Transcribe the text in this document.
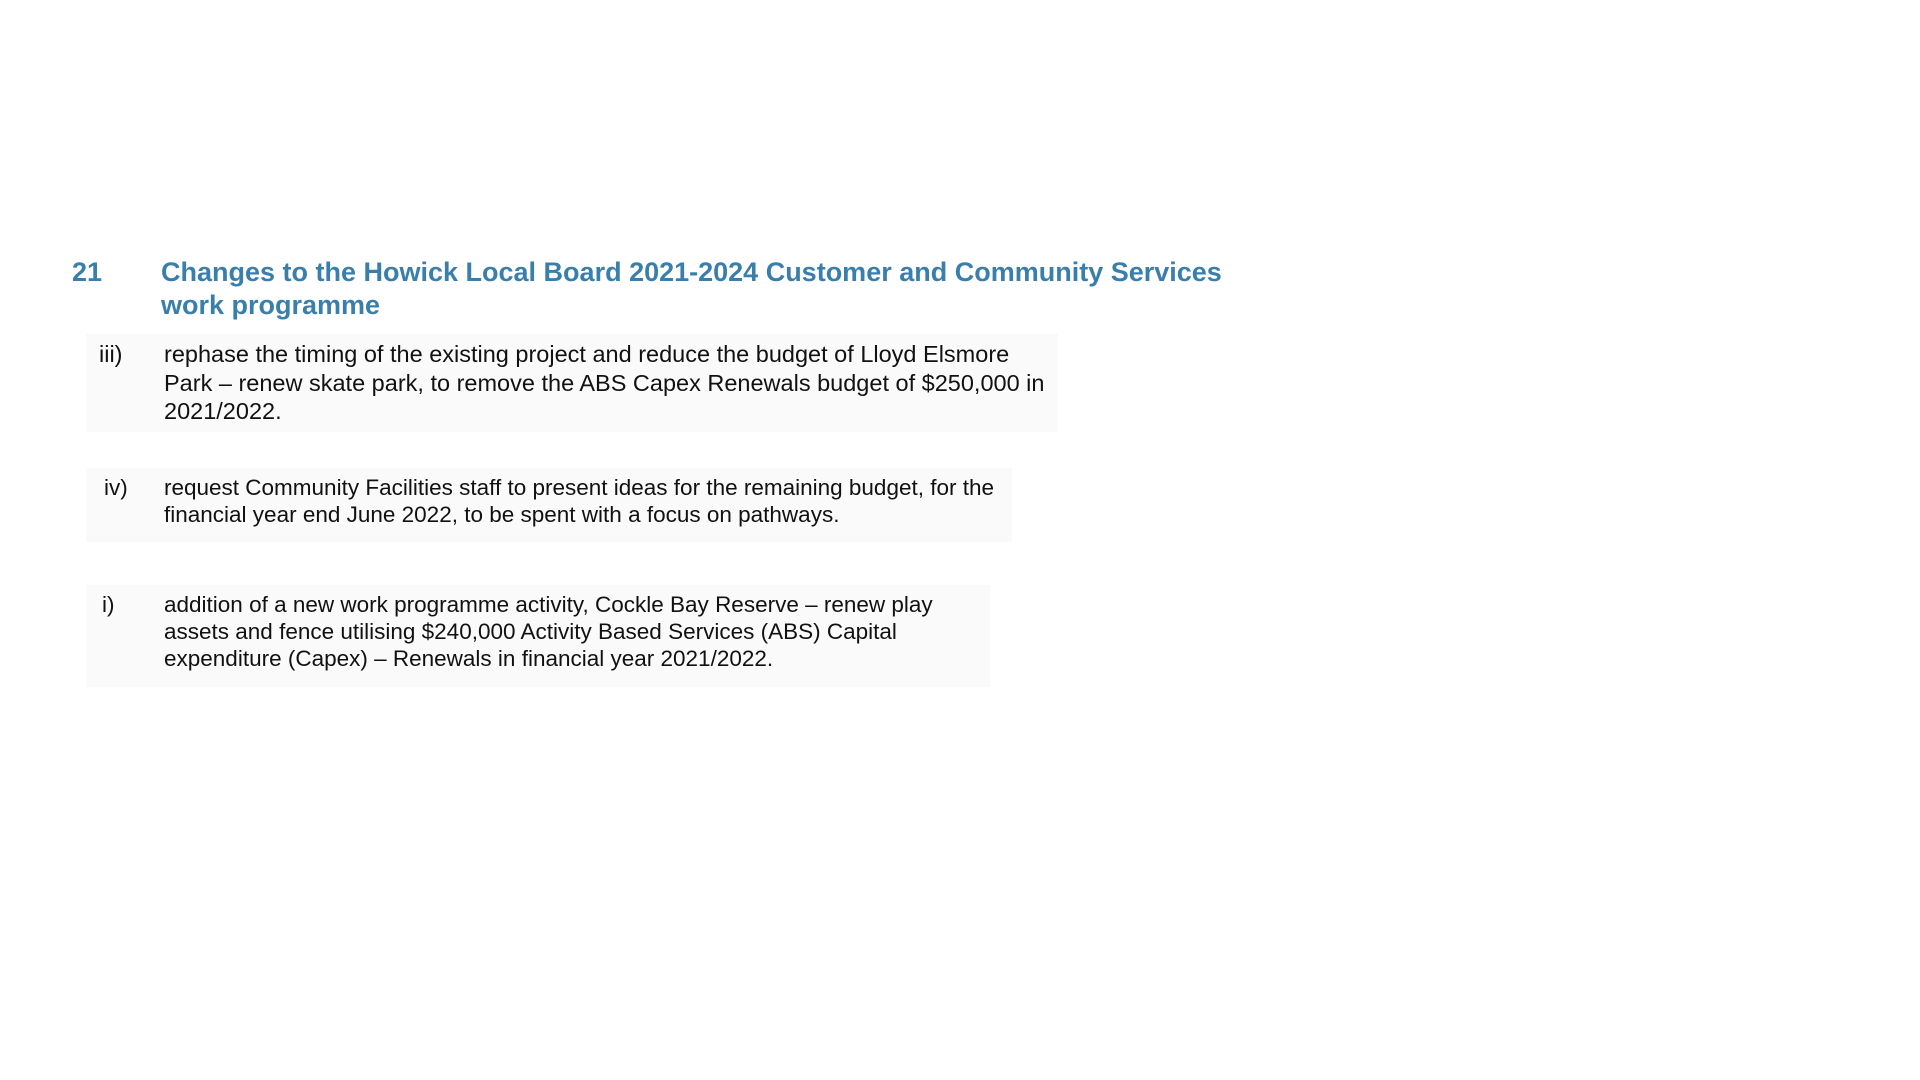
21	Changes to the Howick Local Board 2021-2024 Customer and Community Services work programme
iii)	rephase the timing of the existing project and reduce the budget of Lloyd Elsmore Park – renew skate park, to remove the ABS Capex Renewals budget of $250,000 in 2021/2022.
iv)	request Community Facilities staff to present ideas for the remaining budget, for the financial year end June 2022, to be spent with a focus on pathways.
i)	addition of a new work programme activity, Cockle Bay Reserve – renew play assets and fence utilising $240,000 Activity Based Services (ABS) Capital expenditure (Capex) – Renewals in financial year 2021/2022.
